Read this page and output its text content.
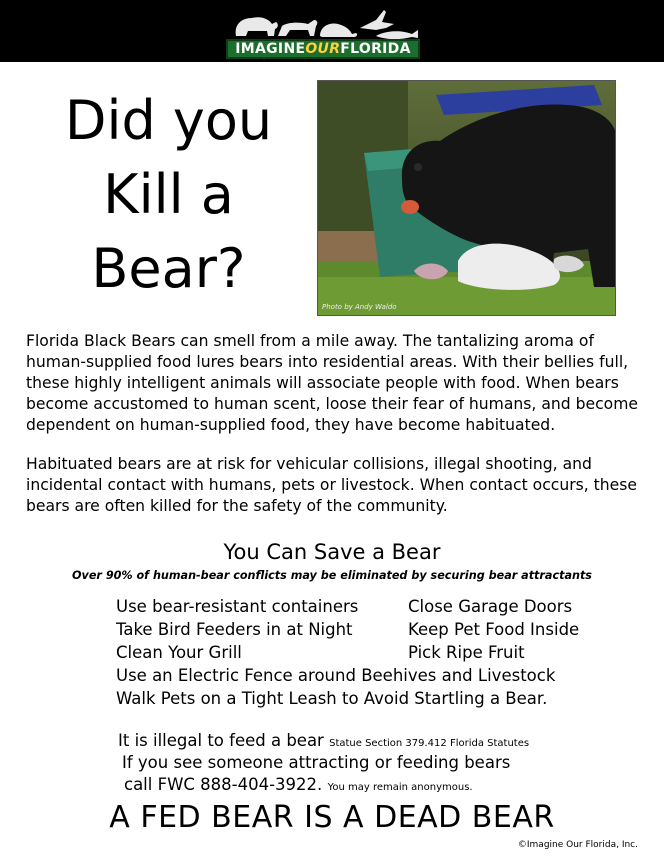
IMAGINEOURFLORIDA
Did you
Kill a
Bear?
Photo by Andy Waldo

Florida Black Bears can smell from a mile away. The tantalizing aroma of human-supplied food lures bears into residential areas. With their bellies full, these highly intelligent animals will associate people with food. When bears become accustomed to human scent, loose their fear of humans, and become dependent on human-supplied food, they have become habituated.

Habituated bears are at risk for vehicular collisions, illegal shooting, and incidental contact with humans, pets or livestock. When contact occurs, these bears are often killed for the safety of the community.

You Can Save a Bear
Over 90% of human-bear conflicts may be eliminated by securing bear attractants
Use bear-resistant containers	Close Garage Doors
Take Bird Feeders in at Night	Keep Pet Food Inside
Clean Your Grill	Pick Ripe Fruit
Use an Electric Fence around Beehives and Livestock
Walk Pets on a Tight Leash to Avoid Startling a Bear.
It is illegal to feed a bear Statue Section 379.412 Florida Statutes
If you see someone attracting or feeding bears
call FWC 888-404-3922. You may remain anonymous.
A FED BEAR IS A DEAD BEAR
©Imagine Our Florida, Inc.
